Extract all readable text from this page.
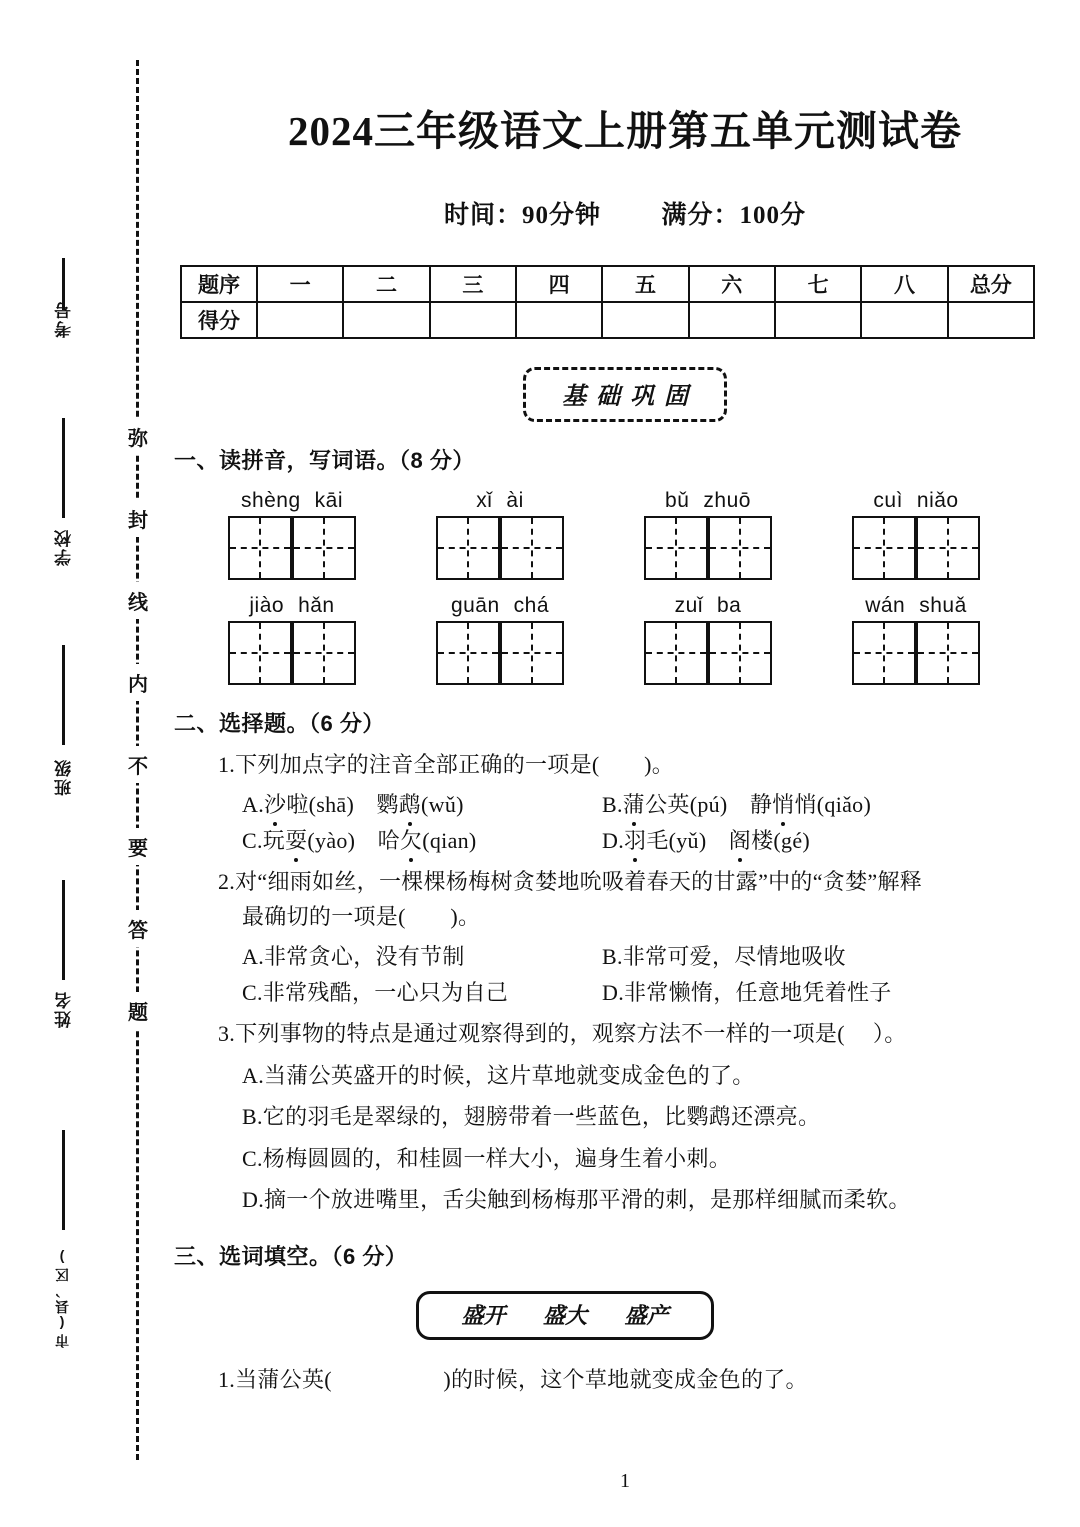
考号
学校
班级
姓名
市(县、区)
弥
封
线
内
不
要
答
题
2024三年级语文上册第五单元测试卷
时间：90分钟 满分：100分
题序	一	二	三	四	五	六	七	八	总分
得分									
基础巩固
一、读拼音，写词语。（8 分）
shèng kāi	xǐ ài	bǔ zhuō	cuì niǎo
jiào hǎn	guān chá	zuǐ ba	wán shuǎ
二、选择题。（6 分）
1.下列加点字的注音全部正确的一项是(　　)。
A.沙啦(shā)　鹦鹉(wǔ)	B.蒲公英(pú)　静悄悄(qiǎo)
C.玩耍(yào)　哈欠(qian)	D.羽毛(yǔ)　 阁楼(gé)
2.对“细雨如丝，一棵棵杨梅树贪婪地吮吸着春天的甘露”中的“贪婪”解释
最确切的一项是(　　)。
A.非常贪心，没有节制	B.非常可爱，尽情地吸收
C.非常残酷，一心只为自己	D.非常懒惰，任意地凭着性子
3.下列事物的特点是通过观察得到的，观察方法不一样的一项是(　 ）。
A.当蒲公英盛开的时候，这片草地就变成金色的了。
B.它的羽毛是翠绿的，翅膀带着一些蓝色，比鹦鹉还漂亮。
C.杨梅圆圆的，和桂圆一样大小，遍身生着小刺。
D.摘一个放进嘴里，舌尖触到杨梅那平滑的刺，是那样细腻而柔软。
三、选词填空。（6 分）
盛开 盛大 盛产
1.当蒲公英(　　　　　)的时候，这个草地就变成金色的了。
1
